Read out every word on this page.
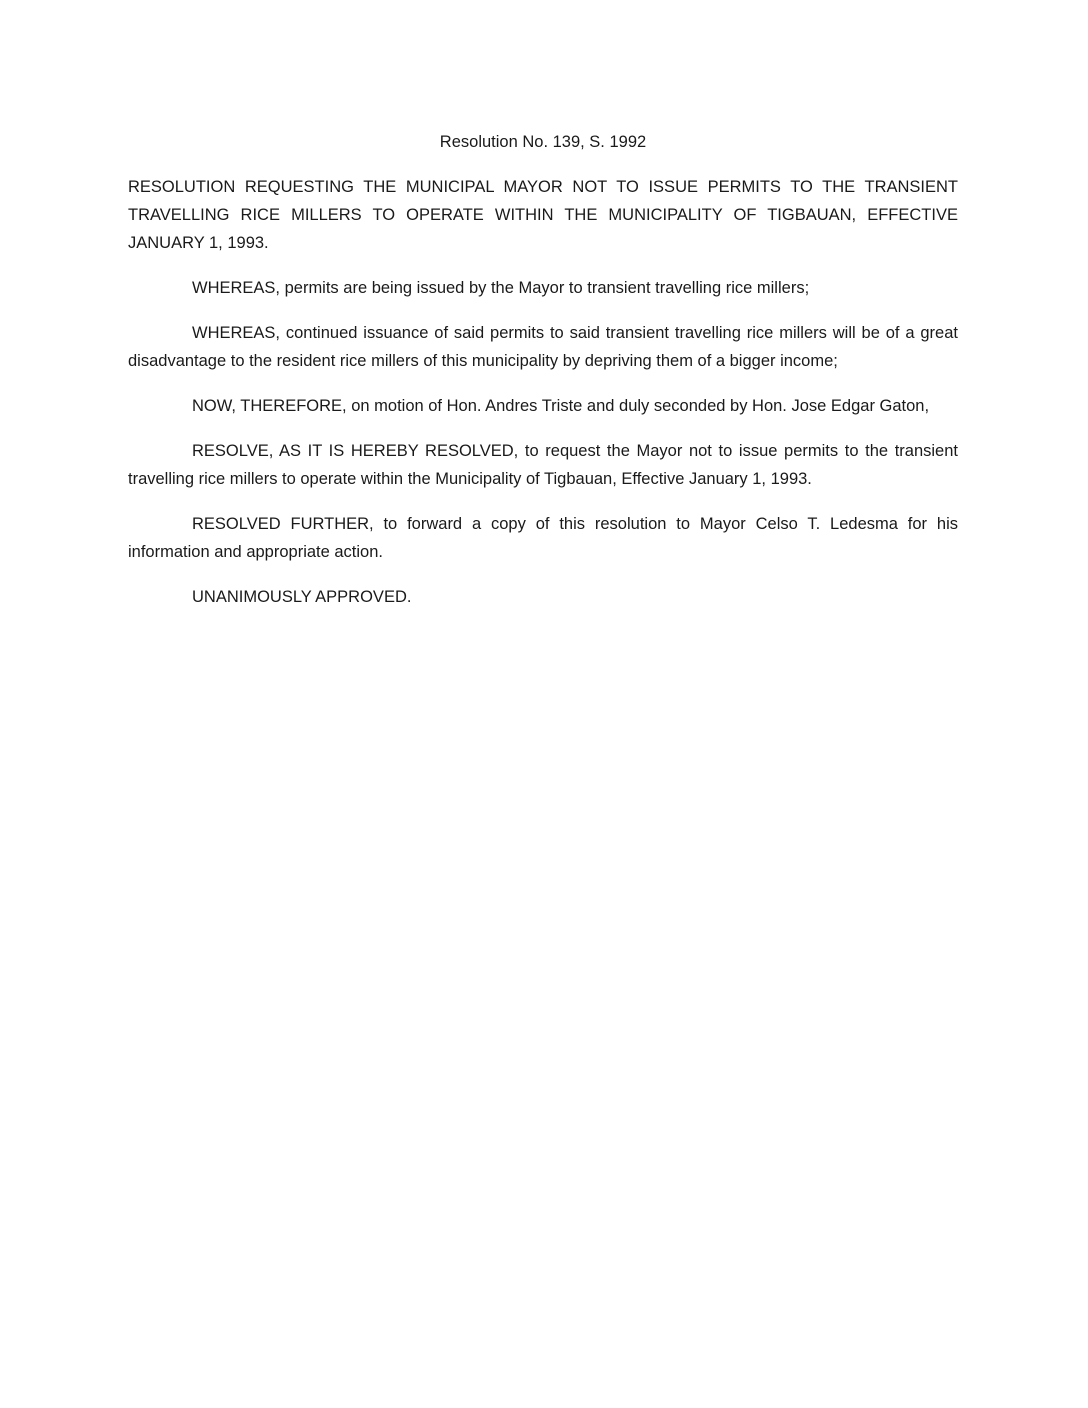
Resolution No. 139, S. 1992

RESOLUTION REQUESTING THE MUNICIPAL MAYOR NOT TO ISSUE PERMITS TO THE TRANSIENT TRAVELLING RICE MILLERS TO OPERATE WITHIN THE MUNICIPALITY OF TIGBAUAN, EFFECTIVE JANUARY 1, 1993.

WHEREAS, permits are being issued by the Mayor to transient travelling rice millers;

WHEREAS, continued issuance of said permits to said transient travelling rice millers will be of a great disadvantage to the resident rice millers of this municipality by depriving them of a bigger income;

NOW, THEREFORE, on motion of Hon. Andres Triste and duly seconded by Hon. Jose Edgar Gaton,

RESOLVE, AS IT IS HEREBY RESOLVED, to request the Mayor not to issue permits to the transient travelling rice millers to operate within the Municipality of Tigbauan, Effective January 1, 1993.

RESOLVED FURTHER, to forward a copy of this resolution to Mayor Celso T. Ledesma for his information and appropriate action.

UNANIMOUSLY APPROVED.
